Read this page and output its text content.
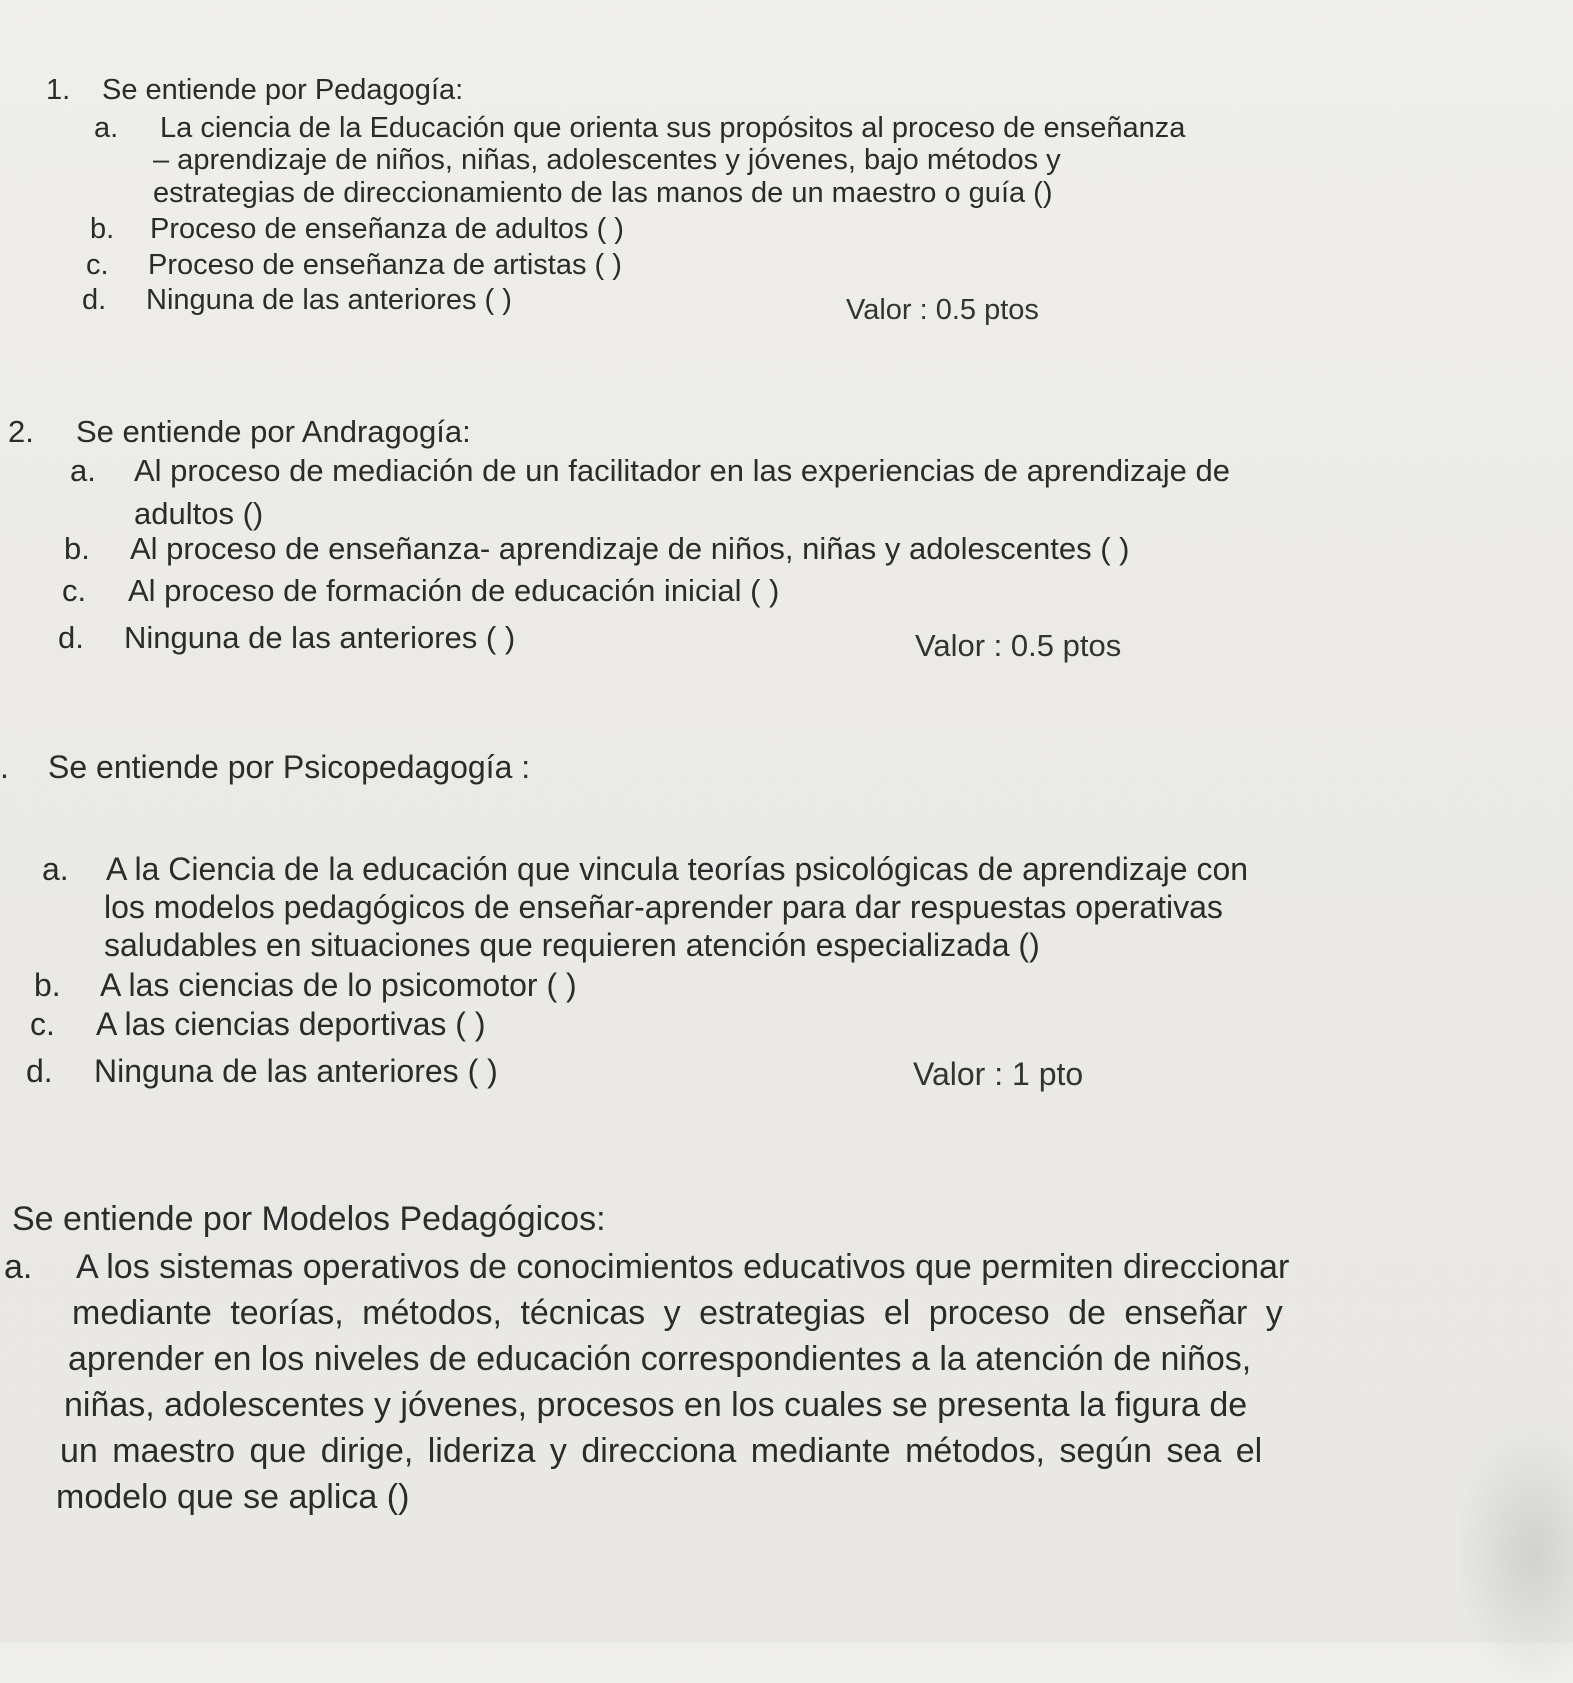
1. Se entiende por Pedagogía:

a. La ciencia de la Educación que orienta sus propósitos al proceso de enseñanza

– aprendizaje de niños, niñas, adolescentes y jóvenes, bajo métodos y

estrategias de direccionamiento de las manos de un maestro o guía ()

b. Proceso de enseñanza de adultos ( )

c. Proceso de enseñanza de artistas ( )

d. Ninguna de las anteriores ( )	Valor : 0.5 ptos

2. Se entiende por Andragogía:

a. Al proceso de mediación de un facilitador en las experiencias de aprendizaje de

adultos ()

b. Al proceso de enseñanza- aprendizaje de niños, niñas y adolescentes ( )

c. Al proceso de formación de educación inicial ( )

d. Ninguna de las anteriores ( )	Valor : 0.5 ptos

. Se entiende por Psicopedagogía :

a. A la Ciencia de la educación que vincula teorías psicológicas de aprendizaje con

los modelos pedagógicos de enseñar-aprender para dar respuestas operativas

saludables en situaciones que requieren atención especializada ()

b. A las ciencias de lo psicomotor ( )

c. A las ciencias deportivas ( )

d. Ninguna de las anteriores ( )	Valor : 1 pto

Se entiende por Modelos Pedagógicos:

a. A los sistemas operativos de conocimientos educativos que permiten direccionar

mediante teorías, métodos, técnicas y estrategias el proceso de enseñar y

aprender en los niveles de educación correspondientes a la atención de niños,

niñas, adolescentes y jóvenes, procesos en los cuales se presenta la figura de

un maestro que dirige, lideriza y direcciona mediante métodos, según sea el

modelo que se aplica ()
